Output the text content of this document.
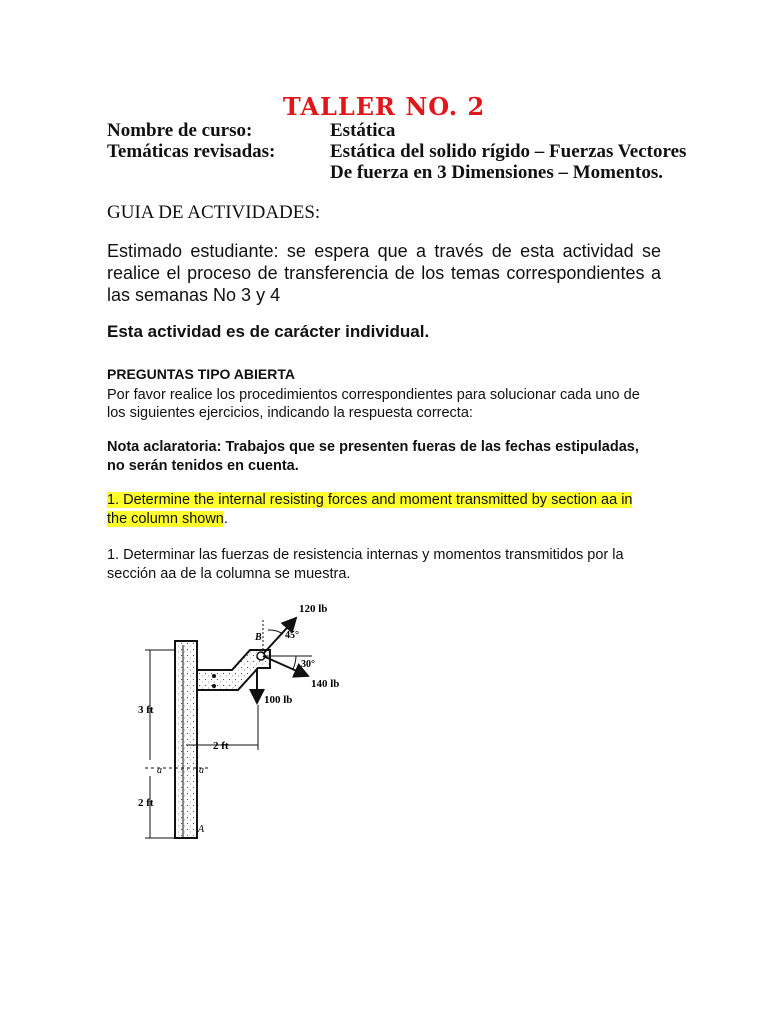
TALLER NO. 2
Nombre de curso:	Estática
Temáticas revisadas:	Estática del solido rígido – Fuerzas Vectores
De fuerza en 3 Dimensiones – Momentos.
GUIA DE ACTIVIDADES:
Estimado estudiante: se espera que a través de esta actividad se
realice el proceso de transferencia de los temas correspondientes a
las semanas No 3 y 4
Esta actividad es de carácter individual.
PREGUNTAS TIPO ABIERTA
Por favor realice los procedimientos correspondientes para solucionar cada uno de
los siguientes ejercicios, indicando la respuesta correcta:
Nota aclaratoria: Trabajos que se presenten fueras de las fechas estipuladas,
no serán tenidos en cuenta.
1. Determine the internal resisting forces and moment transmitted by section aa in
the column shown.
1. Determinar las fuerzas de resistencia internas y momentos transmitidos por la
sección aa de la columna se muestra.
120 lb
45°
30°
140 lb
100 lb
B
A
3 ft
2 ft
2 ft
a	a
